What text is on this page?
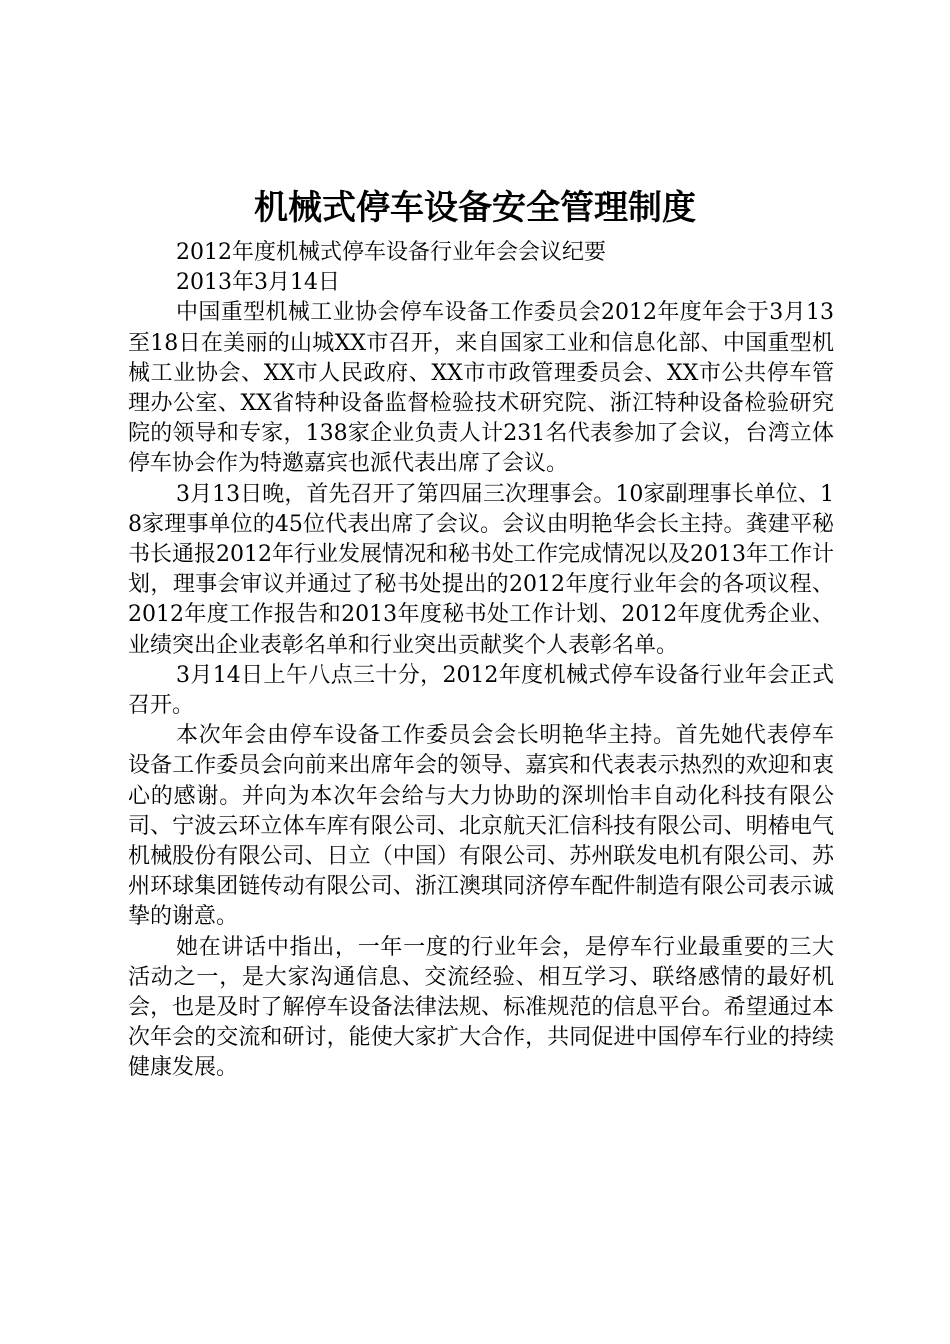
机械式停车设备安全管理制度

2012年度机械式停车设备行业年会会议纪要

2013年3月14日

中国重型机械工业协会停车设备工作委员会2012年度年会于3月13至18日在美丽的山城XX市召开，来自国家工业和信息化部、中国重型机械工业协会、XX市人民政府、XX市市政管理委员会、XX市公共停车管理办公室、XX省特种设备监督检验技术研究院、浙江特种设备检验研究院的领导和专家，138家企业负责人计231名代表参加了会议，台湾立体停车协会作为特邀嘉宾也派代表出席了会议。

3月13日晚，首先召开了第四届三次理事会。10家副理事长单位、18家理事单位的45位代表出席了会议。会议由明艳华会长主持。龚建平秘书长通报2012年行业发展情况和秘书处工作完成情况以及2013年工作计划，理事会审议并通过了秘书处提出的2012年度行业年会的各项议程、2012年度工作报告和2013年度秘书处工作计划、2012年度优秀企业、业绩突出企业表彰名单和行业突出贡献奖个人表彰名单。

3月14日上午八点三十分，2012年度机械式停车设备行业年会正式召开。

本次年会由停车设备工作委员会会长明艳华主持。首先她代表停车设备工作委员会向前来出席年会的领导、嘉宾和代表表示热烈的欢迎和衷心的感谢。并向为本次年会给与大力协助的深圳怡丰自动化科技有限公司、宁波云环立体车库有限公司、北京航天汇信科技有限公司、明椿电气机械股份有限公司、日立（中国）有限公司、苏州联发电机有限公司、苏州环球集团链传动有限公司、浙江澳琪同济停车配件制造有限公司表示诚挚的谢意。

她在讲话中指出，一年一度的行业年会，是停车行业最重要的三大活动之一，是大家沟通信息、交流经验、相互学习、联络感情的最好机会，也是及时了解停车设备法律法规、标准规范的信息平台。希望通过本次年会的交流和研讨，能使大家扩大合作，共同促进中国停车行业的持续健康发展。
